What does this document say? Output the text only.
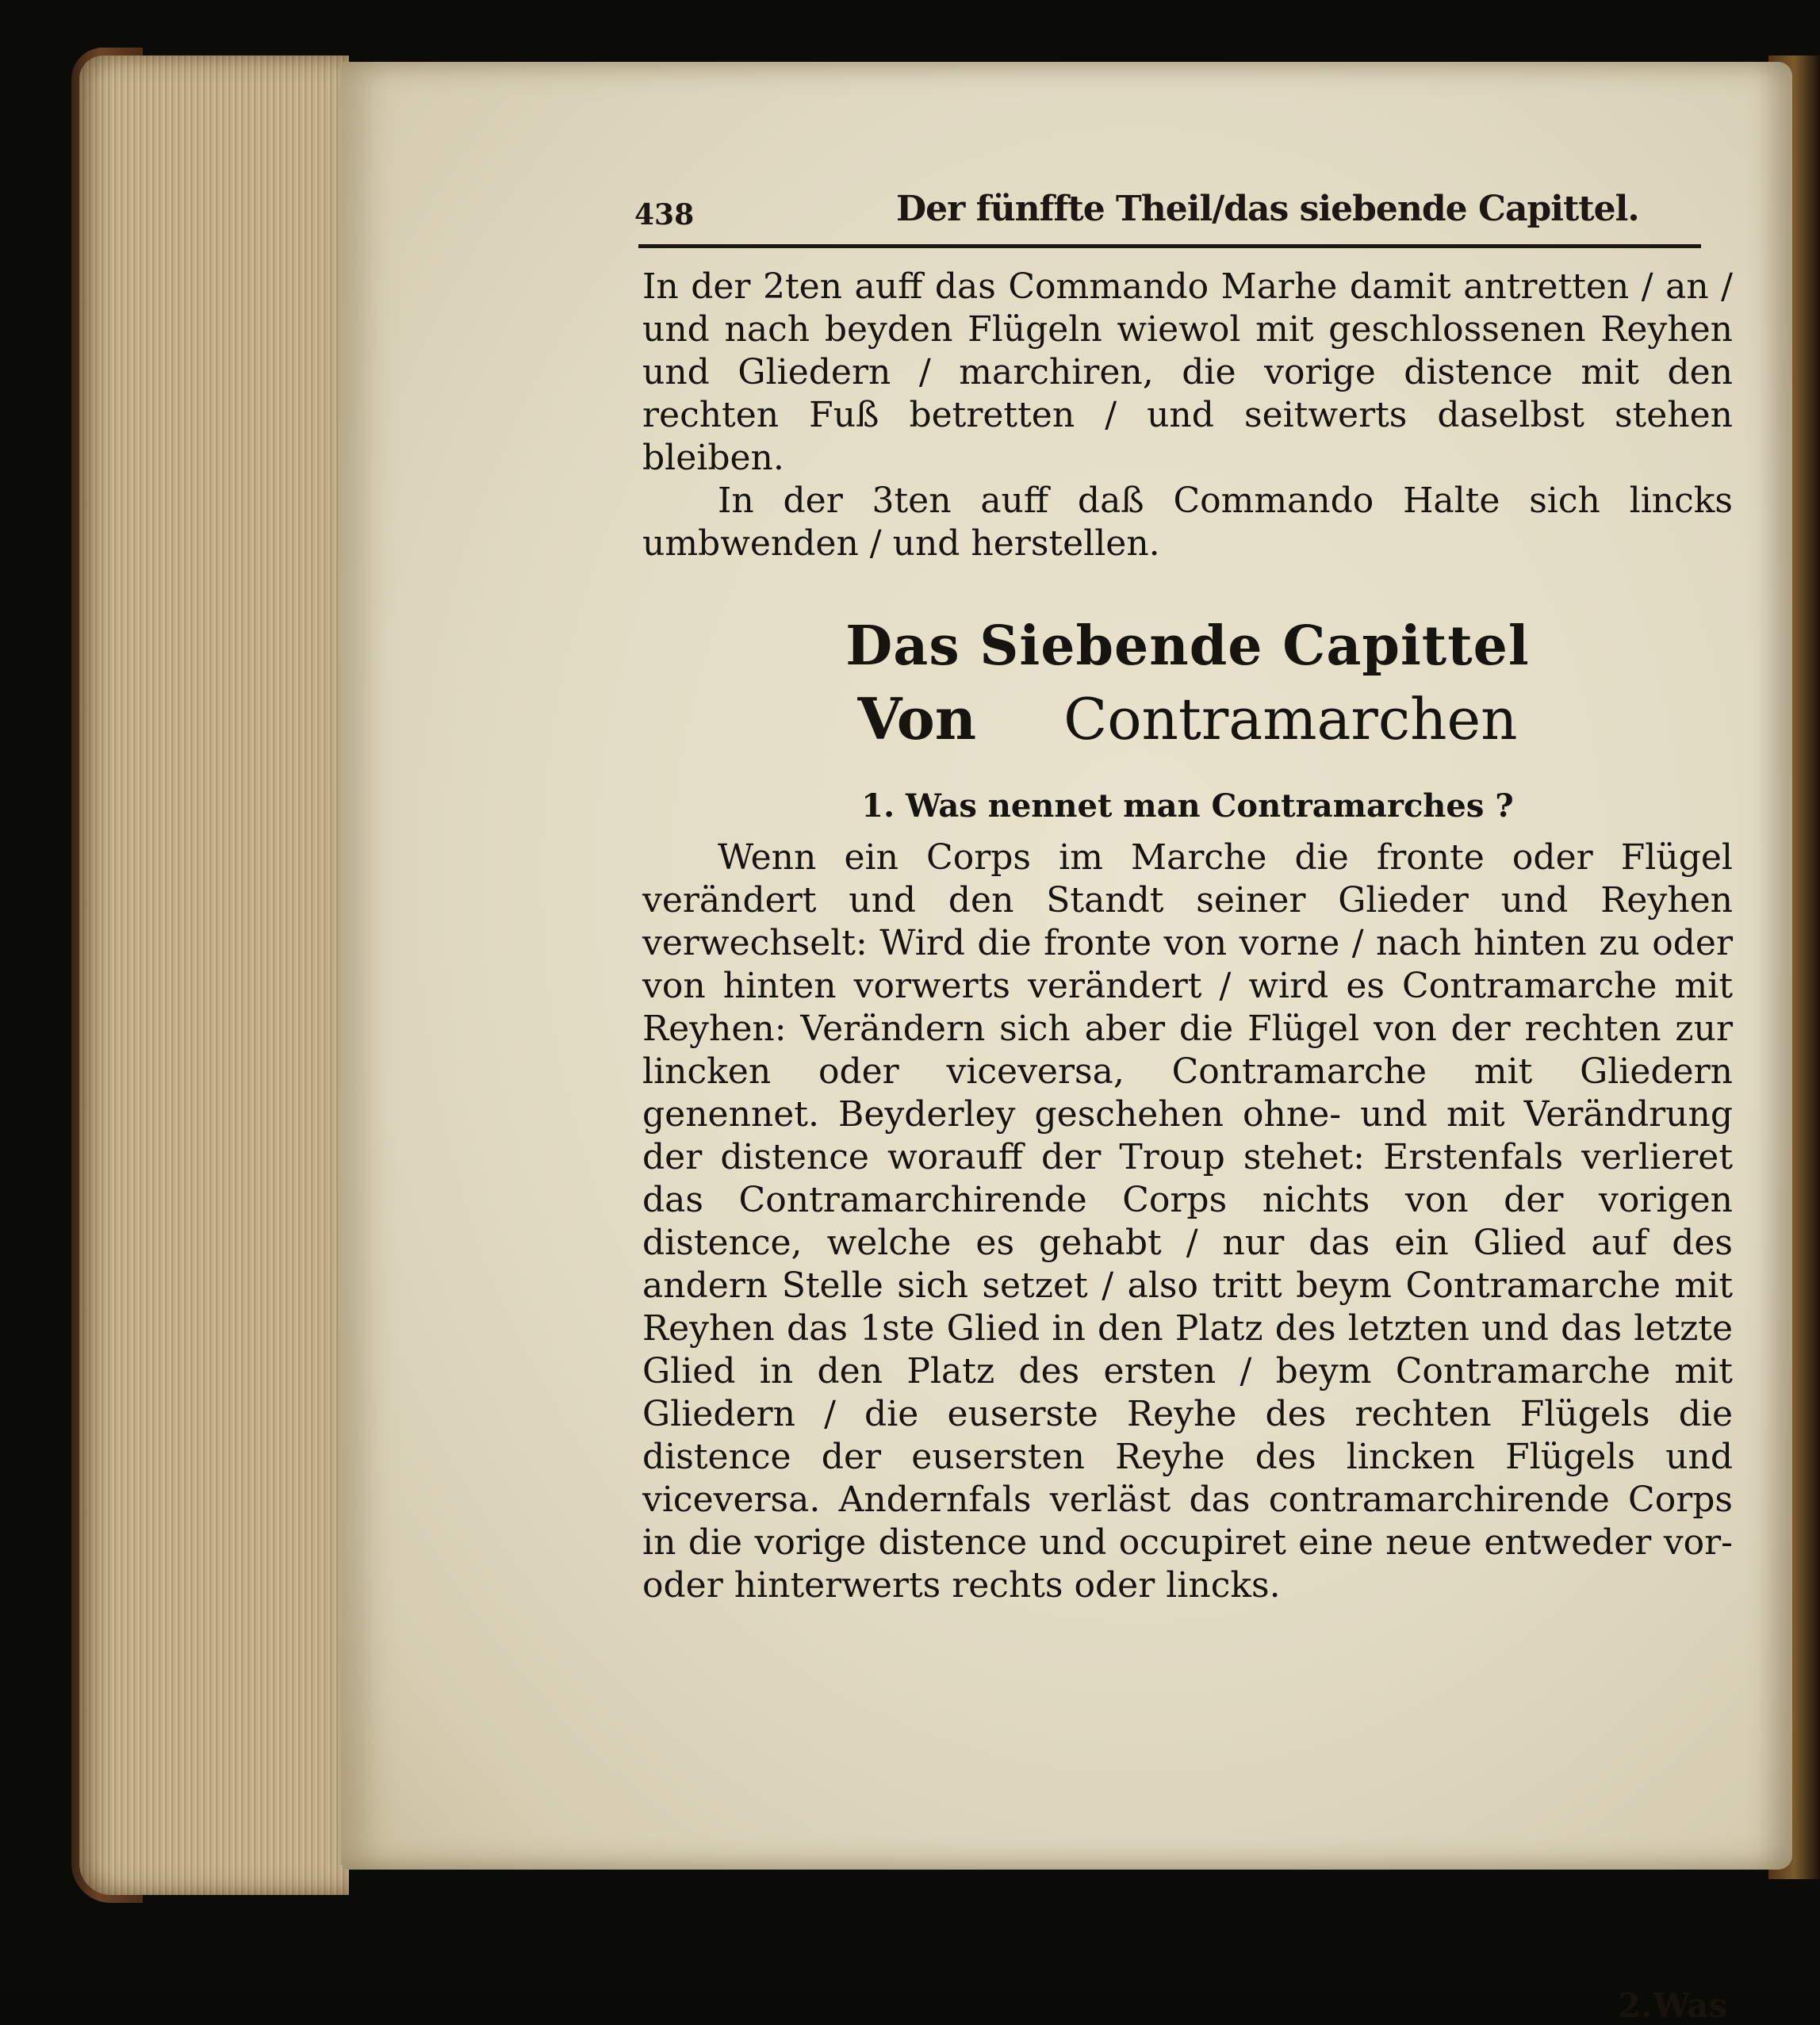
438	Der fünffte Theil/das siebende Capittel.

In der 2ten auff das Commando Marhe damit antretten / an / und nach beyden Flügeln wiewol mit geschlossenen Reyhen und Gliedern / marchiren, die vorige distence mit den rechten Fuß betretten / und seitwerts daselbst stehen bleiben.

In der 3ten auff daß Commando Halte sich lincks umbwenden / und herstellen.

Das Siebende Capittel
Von Contramarchen
1. Was nennet man Contramarches ?

Wenn ein Corps im Marche die fronte oder Flügel verändert und den Standt seiner Glieder und Reyhen verwechselt: Wird die fronte von vorne / nach hinten zu oder von hinten vorwerts verändert / wird es Contramarche mit Reyhen: Verändern sich aber die Flügel von der rechten zur lincken oder viceversa, Contramarche mit Gliedern genennet. Beyderley geschehen ohne- und mit Verändrung der distence worauff der Troup stehet: Erstenfals verlieret das Contramarchirende Corps nichts von der vorigen distence, welche es gehabt / nur das ein Glied auf des andern Stelle sich setzet / also tritt beym Contramarche mit Reyhen das 1ste Glied in den Platz des letzten und das letzte Glied in den Platz des ersten / beym Contramarche mit Gliedern / die euserste Reyhe des rechten Flügels die distence der eusersten Reyhe des lincken Flügels und viceversa. Andernfals verläst das contramarchirende Corps in die vorige distence und occupiret eine neue entweder vor- oder hinterwerts rechts oder lincks.

2.Was
